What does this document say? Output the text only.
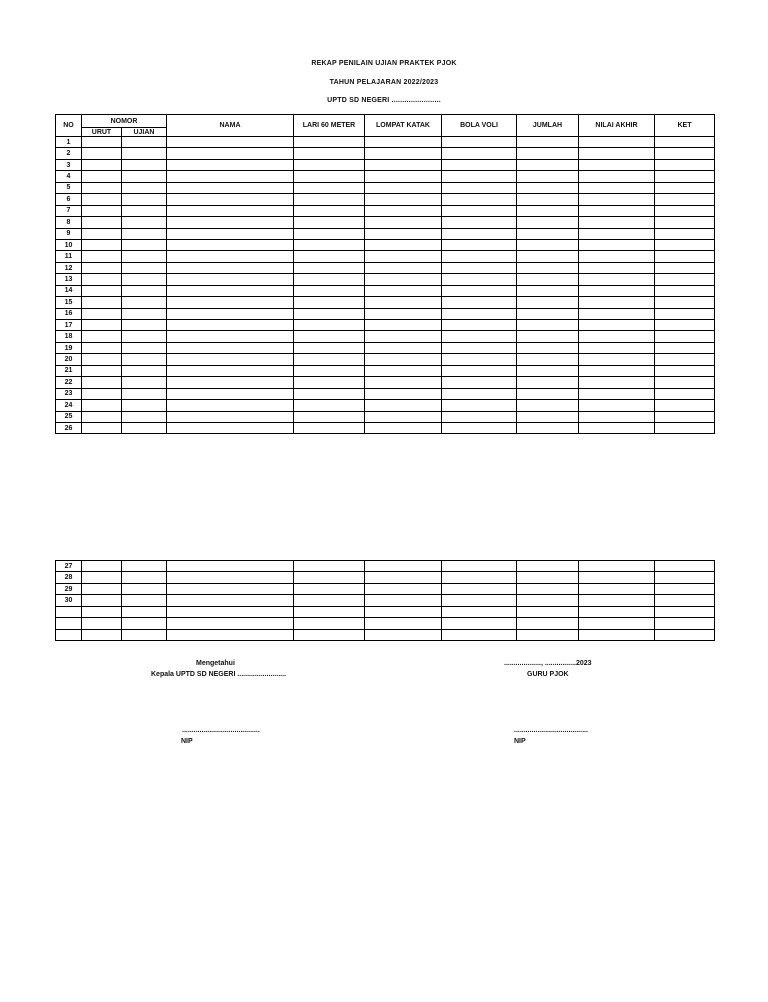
REKAP PENILAIN UJIAN PRAKTEK PJOK
TAHUN PELAJARAN 2022/2023
UPTD SD NEGERI .......................
NO	NOMOR		NAMA	LARI 60 METER	LOMPAT KATAK	BOLA VOLI	JUMLAH	NILAI AKHIR	KET
	URUT	UJIAN							
1									
2									
3									
4									
5									
6									
7									
8									
9									
10									
11									
12									
13									
14									
15									
16									
17									
18									
19									
20									
21									
22									
23									
24									
25									
26									
27									
28									
29									
30									

Mengetahui
Kepala UPTD SD NEGERI .........................
........................................
NIP
..................., ................2023
GURU PJOK
......................................
NIP
